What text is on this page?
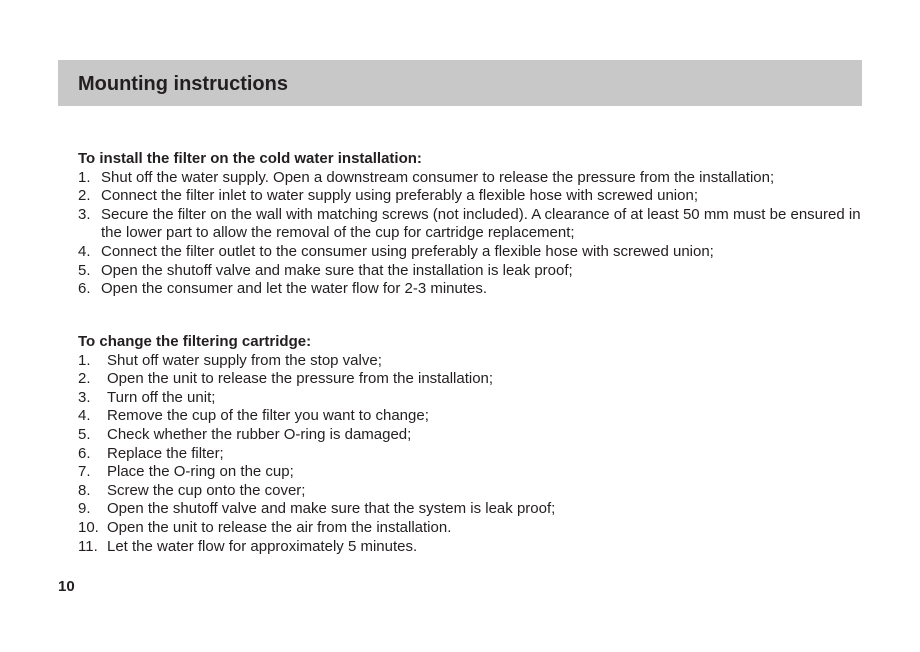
Mounting instructions

To install the filter on the cold water installation:

1. Shut off the water supply. Open a downstream consumer to release the pressure from the installation;
2. Connect the filter inlet to water supply using preferably a flexible hose with screwed union;
3. Secure the filter on the wall with matching screws (not included). A clearance of at least 50 mm must be ensured in the lower part to allow the removal of the cup for cartridge replacement;
4. Connect the filter outlet to the consumer using preferably a flexible hose with screwed union;
5. Open the shutoff valve and make sure that the installation is leak proof;
6. Open the consumer and let the water flow for 2-3 minutes.

To change the filtering cartridge:

1.	Shut off water supply from the stop valve;
2.	Open the unit to release the pressure from the installation;
3.	Turn off the unit;
4.	Remove the cup of the filter you want to change;
5.	Check whether the rubber O-ring is damaged;
6.	Replace the filter;
7.	Place the O-ring on the cup;
8.	Screw the cup onto the cover;
9.	Open the shutoff valve and make sure that the system is leak proof;
10. Open the unit to release the air from the installation.
11. Let the water flow for approximately 5 minutes.
10
